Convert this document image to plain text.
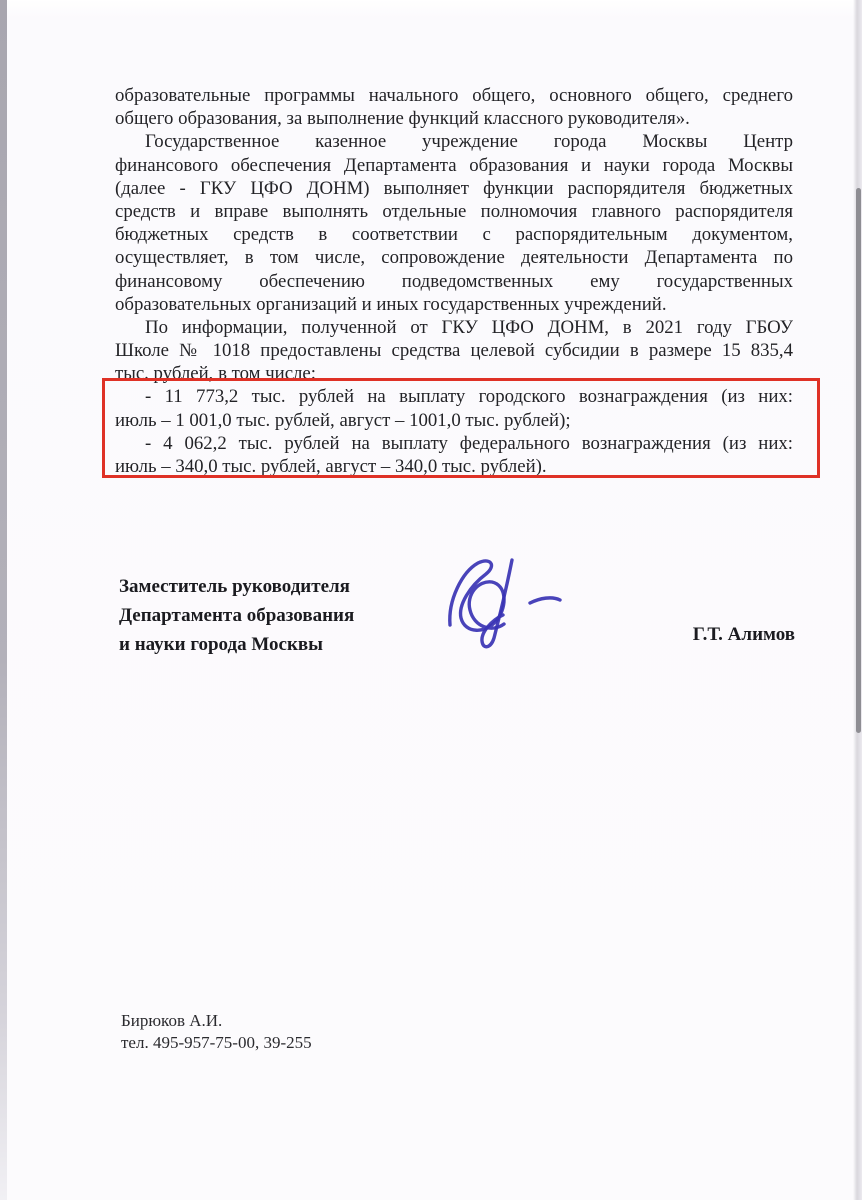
образовательные программы начального общего, основного общего, среднего
общего образования, за выполнение функций классного руководителя».
Государственное казенное учреждение города Москвы Центр
финансового обеспечения Департамента образования и науки города Москвы
(далее - ГКУ ЦФО ДОНМ) выполняет функции распорядителя бюджетных
средств и вправе выполнять отдельные полномочия главного распорядителя
бюджетных средств в соответствии с распорядительным документом,
осуществляет, в том числе, сопровождение деятельности Департамента по
финансовому обеспечению подведомственных ему государственных
образовательных организаций и иных государственных учреждений.
По информации, полученной от ГКУ ЦФО ДОНМ, в 2021 году ГБОУ
Школе № 1018 предоставлены средства целевой субсидии в размере 15 835,4
тыс. рублей, в том числе:
- 11 773,2 тыс. рублей на выплату городского вознаграждения (из них:
июль – 1 001,0 тыс. рублей, август – 1001,0 тыс. рублей);
- 4 062,2 тыс. рублей на выплату федерального вознаграждения (из них:
июль – 340,0 тыс. рублей, август – 340,0 тыс. рублей).
Заместитель руководителя
Департамента образования
и науки города Москвы	Г.Т. Алимов
Бирюков А.И.
тел. 495-957-75-00, 39-255
